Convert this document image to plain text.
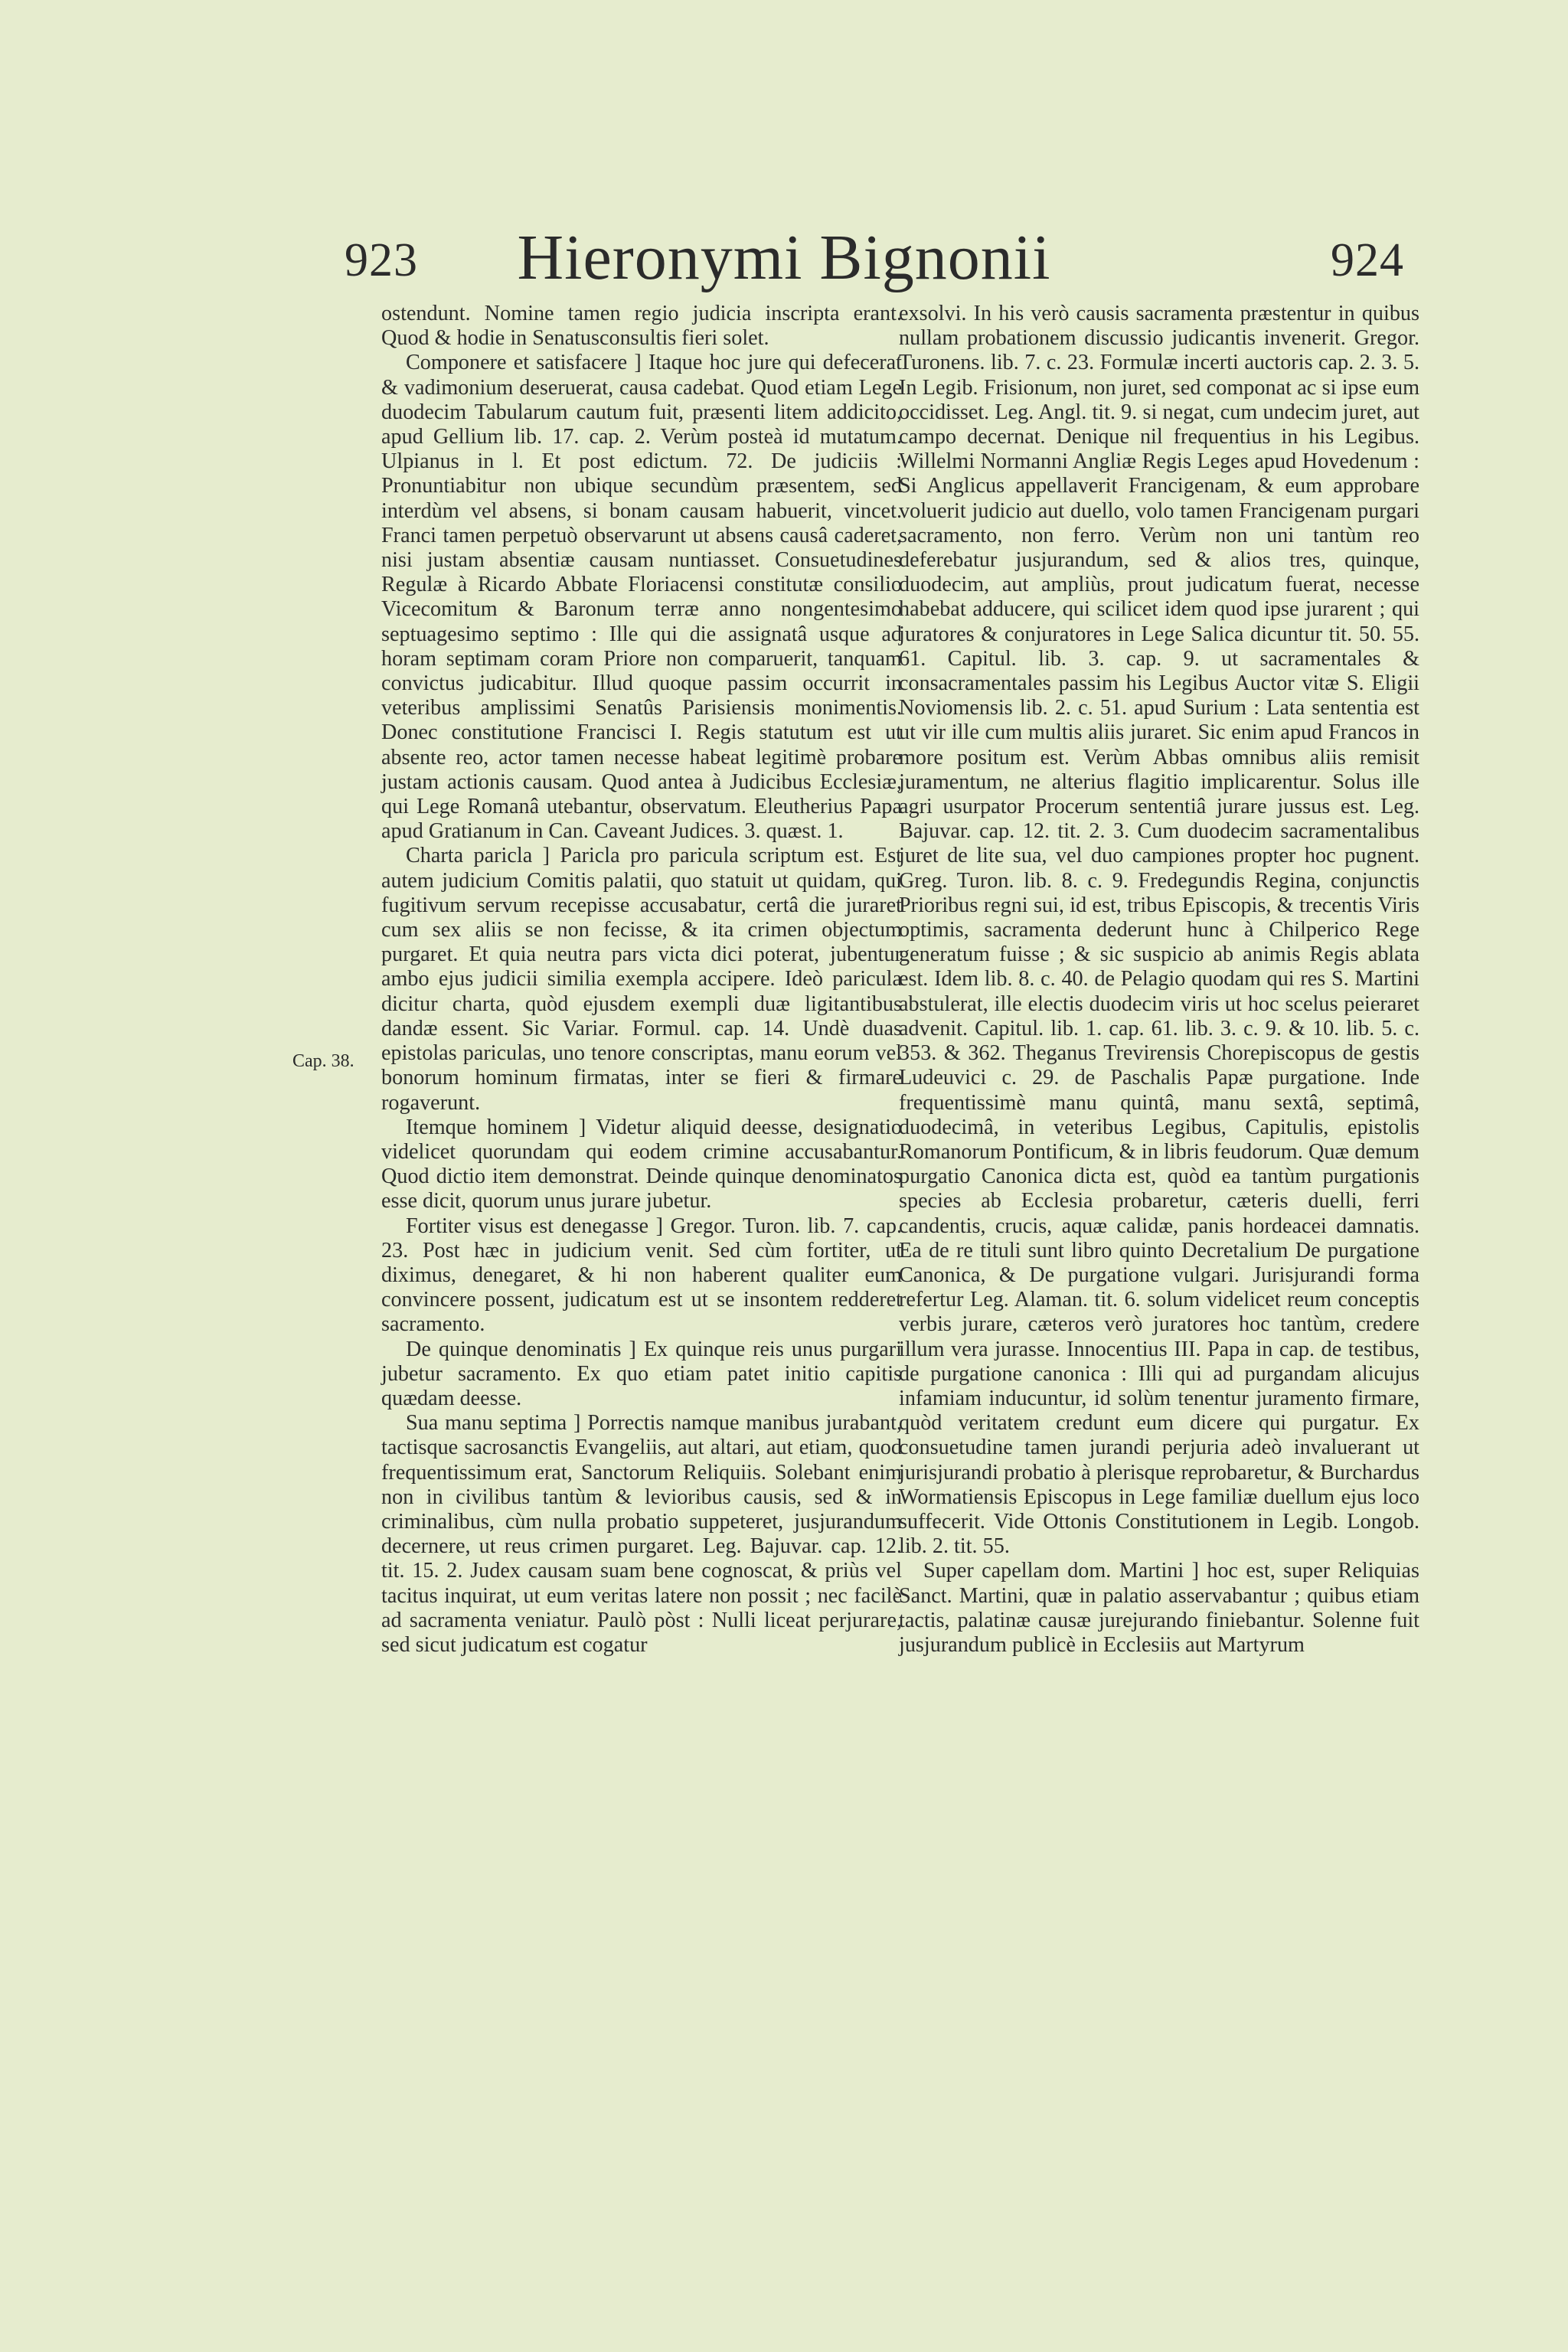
923	Hieronymi Bignonii	924
Cap. 38.

ostendunt. Nomine tamen regio judicia inscripta erant. Quod & hodie in Senatusconsultis fieri solet.

Componere et satisfacere ] Itaque hoc jure qui defecerat & vadimonium deseruerat, causa cadebat. Quod etiam Lege duodecim Tabularum cautum fuit, præsenti litem addicito, apud Gellium lib. 17. cap. 2. Verùm posteà id mutatum. Ulpianus in l. Et post edictum. 72. De judiciis : Pronuntiabitur non ubique secundùm præsentem, sed interdùm vel absens, si bonam causam habuerit, vincet. Franci tamen perpetuò observarunt ut absens causâ caderet, nisi justam absentiæ causam nuntiasset. Consuetudines Regulæ à Ricardo Abbate Floriacensi constitutæ consilio Vicecomitum & Baronum terræ anno nongentesimo septuagesimo septimo : Ille qui die assignatâ usque ad horam septimam coram Priore non comparuerit, tanquam convictus judicabitur. Illud quoque passim occurrit in veteribus amplissimi Senatûs Parisiensis monimentis. Donec constitutione Francisci I. Regis statutum est ut absente reo, actor tamen necesse habeat legitimè probare justam actionis causam. Quod antea à Judicibus Ecclesiæ, qui Lege Romanâ utebantur, observatum. Eleutherius Papa apud Gratianum in Can. Caveant Judices. 3. quæst. 1.

Charta paricla ] Paricla pro paricula scriptum est. Est autem judicium Comitis palatii, quo statuit ut quidam, qui fugitivum servum recepisse accusabatur, certâ die juraret cum sex aliis se non fecisse, & ita crimen objectum purgaret. Et quia neutra pars victa dici poterat, jubentur ambo ejus judicii similia exempla accipere. Ideò paricula dicitur charta, quòd ejusdem exempli duæ ligitantibus dandæ essent. Sic Variar. Formul. cap. 14. Undè duas epistolas pariculas, uno tenore conscriptas, manu eorum vel bonorum hominum firmatas, inter se fieri & firmare rogaverunt.

Itemque hominem ] Videtur aliquid deesse, designatio videlicet quorundam qui eodem crimine accusabantur. Quod dictio item demonstrat. Deinde quinque denominatos esse dicit, quorum unus jurare jubetur.

Fortiter visus est denegasse ] Gregor. Turon. lib. 7. cap. 23. Post hæc in judicium venit. Sed cùm fortiter, ut diximus, denegaret, & hi non haberent qualiter eum convincere possent, judicatum est ut se insontem redderet sacramento.

De quinque denominatis ] Ex quinque reis unus purgari jubetur sacramento. Ex quo etiam patet initio capitis quædam deesse.

Sua manu septima ] Porrectis namque manibus jurabant, tactisque sacrosanctis Evangeliis, aut altari, aut etiam, quod frequentissimum erat, Sanctorum Reliquiis. Solebant enim non in civilibus tantùm & levioribus causis, sed & in criminalibus, cùm nulla probatio suppeteret, jusjurandum decernere, ut reus crimen purgaret. Leg. Bajuvar. cap. 12. tit. 15. 2. Judex causam suam bene cognoscat, & priùs vel tacitus inquirat, ut eum veritas latere non possit ; nec facilè ad sacramenta veniatur. Paulò pòst : Nulli liceat perjurare, sed sicut judicatum est cogatur

exsolvi. In his verò causis sacramenta præstentur in quibus nullam probationem discussio judicantis invenerit. Gregor. Turonens. lib. 7. c. 23. Formulæ incerti auctoris cap. 2. 3. 5. In Legib. Frisionum, non juret, sed componat ac si ipse eum occidisset. Leg. Angl. tit. 9. si negat, cum undecim juret, aut campo decernat. Denique nil frequentius in his Legibus. Willelmi Normanni Angliæ Regis Leges apud Hovedenum : Si Anglicus appellaverit Francigenam, & eum approbare voluerit judicio aut duello, volo tamen Francigenam purgari sacramento, non ferro. Verùm non uni tantùm reo deferebatur jusjurandum, sed & alios tres, quinque, duodecim, aut ampliùs, prout judicatum fuerat, necesse habebat adducere, qui scilicet idem quod ipse jurarent ; qui juratores & conjuratores in Lege Salica dicuntur tit. 50. 55. 61. Capitul. lib. 3. cap. 9. ut sacramentales & consacramentales passim his Legibus Auctor vitæ S. Eligii Noviomensis lib. 2. c. 51. apud Surium : Lata sententia est ut vir ille cum multis aliis juraret. Sic enim apud Francos in more positum est. Verùm Abbas omnibus aliis remisit juramentum, ne alterius flagitio implicarentur. Solus ille agri usurpator Procerum sententiâ jurare jussus est. Leg. Bajuvar. cap. 12. tit. 2. 3. Cum duodecim sacramentalibus juret de lite sua, vel duo campiones propter hoc pugnent. Greg. Turon. lib. 8. c. 9. Fredegundis Regina, conjunctis Prioribus regni sui, id est, tribus Episcopis, & trecentis Viris optimis, sacramenta dederunt hunc à Chilperico Rege generatum fuisse ; & sic suspicio ab animis Regis ablata est. Idem lib. 8. c. 40. de Pelagio quodam qui res S. Martini abstulerat, ille electis duodecim viris ut hoc scelus peieraret advenit. Capitul. lib. 1. cap. 61. lib. 3. c. 9. & 10. lib. 5. c. 353. & 362. Theganus Trevirensis Chorepiscopus de gestis Ludeuvici c. 29. de Paschalis Papæ purgatione. Inde frequentissimè manu quintâ, manu sextâ, septimâ, duodecimâ, in veteribus Legibus, Capitulis, epistolis Romanorum Pontificum, & in libris feudorum. Quæ demum purgatio Canonica dicta est, quòd ea tantùm purgationis species ab Ecclesia probaretur, cæteris duelli, ferri candentis, crucis, aquæ calidæ, panis hordeacei damnatis. Ea de re tituli sunt libro quinto Decretalium De purgatione Canonica, & De purgatione vulgari. Jurisjurandi forma refertur Leg. Alaman. tit. 6. solum videlicet reum conceptis verbis jurare, cæteros verò juratores hoc tantùm, credere illum vera jurasse. Innocentius III. Papa in cap. de testibus, de purgatione canonica : Illi qui ad purgandam alicujus infamiam inducuntur, id solùm tenentur juramento firmare, quòd veritatem credunt eum dicere qui purgatur. Ex consuetudine tamen jurandi perjuria adeò invaluerant ut jurisjurandi probatio à plerisque reprobaretur, & Burchardus Wormatiensis Episcopus in Lege familiæ duellum ejus loco suffecerit. Vide Ottonis Constitutionem in Legib. Longob. lib. 2. tit. 55.

Super capellam dom. Martini ] hoc est, super Reliquias Sanct. Martini, quæ in palatio asservabantur ; quibus etiam tactis, palatinæ causæ jurejurando finiebantur. Solenne fuit jusjurandum publicè in Ecclesiis aut Martyrum
